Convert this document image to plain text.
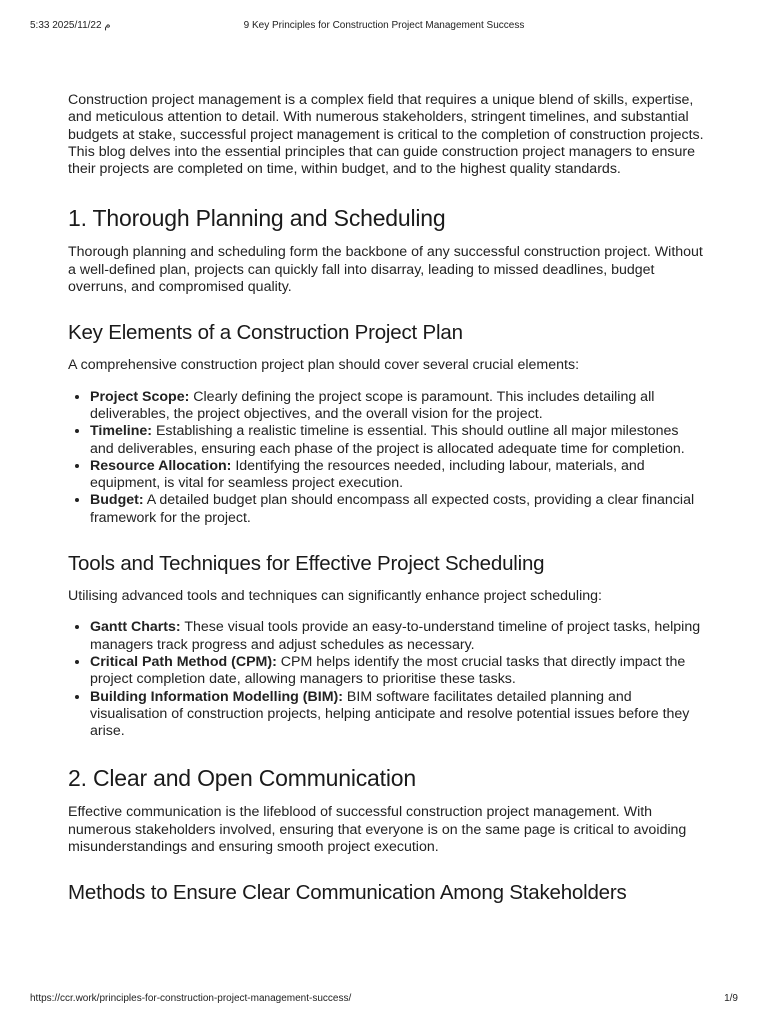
5:33 2025/11/22 م	9 Key Principles for Construction Project Management Success

Construction project management is a complex field that requires a unique blend of skills, expertise, and meticulous attention to detail. With numerous stakeholders, stringent timelines, and substantial budgets at stake, successful project management is critical to the completion of construction projects. This blog delves into the essential principles that can guide construction project managers to ensure their projects are completed on time, within budget, and to the highest quality standards.

1. Thorough Planning and Scheduling

Thorough planning and scheduling form the backbone of any successful construction project. Without a well-defined plan, projects can quickly fall into disarray, leading to missed deadlines, budget overruns, and compromised quality.

Key Elements of a Construction Project Plan

A comprehensive construction project plan should cover several crucial elements:

• Project Scope: Clearly defining the project scope is paramount. This includes detailing all deliverables, the project objectives, and the overall vision for the project.
• Timeline: Establishing a realistic timeline is essential. This should outline all major milestones and deliverables, ensuring each phase of the project is allocated adequate time for completion.
• Resource Allocation: Identifying the resources needed, including labour, materials, and equipment, is vital for seamless project execution.
• Budget: A detailed budget plan should encompass all expected costs, providing a clear financial framework for the project.
Tools and Techniques for Effective Project Scheduling

Utilising advanced tools and techniques can significantly enhance project scheduling:

• Gantt Charts: These visual tools provide an easy-to-understand timeline of project tasks, helping managers track progress and adjust schedules as necessary.
• Critical Path Method (CPM): CPM helps identify the most crucial tasks that directly impact the project completion date, allowing managers to prioritise these tasks.
• Building Information Modelling (BIM): BIM software facilitates detailed planning and visualisation of construction projects, helping anticipate and resolve potential issues before they arise.
2. Clear and Open Communication

Effective communication is the lifeblood of successful construction project management. With numerous stakeholders involved, ensuring that everyone is on the same page is critical to avoiding misunderstandings and ensuring smooth project execution.

Methods to Ensure Clear Communication Among Stakeholders
https://ccr.work/principles-for-construction-project-management-success/	1/9
